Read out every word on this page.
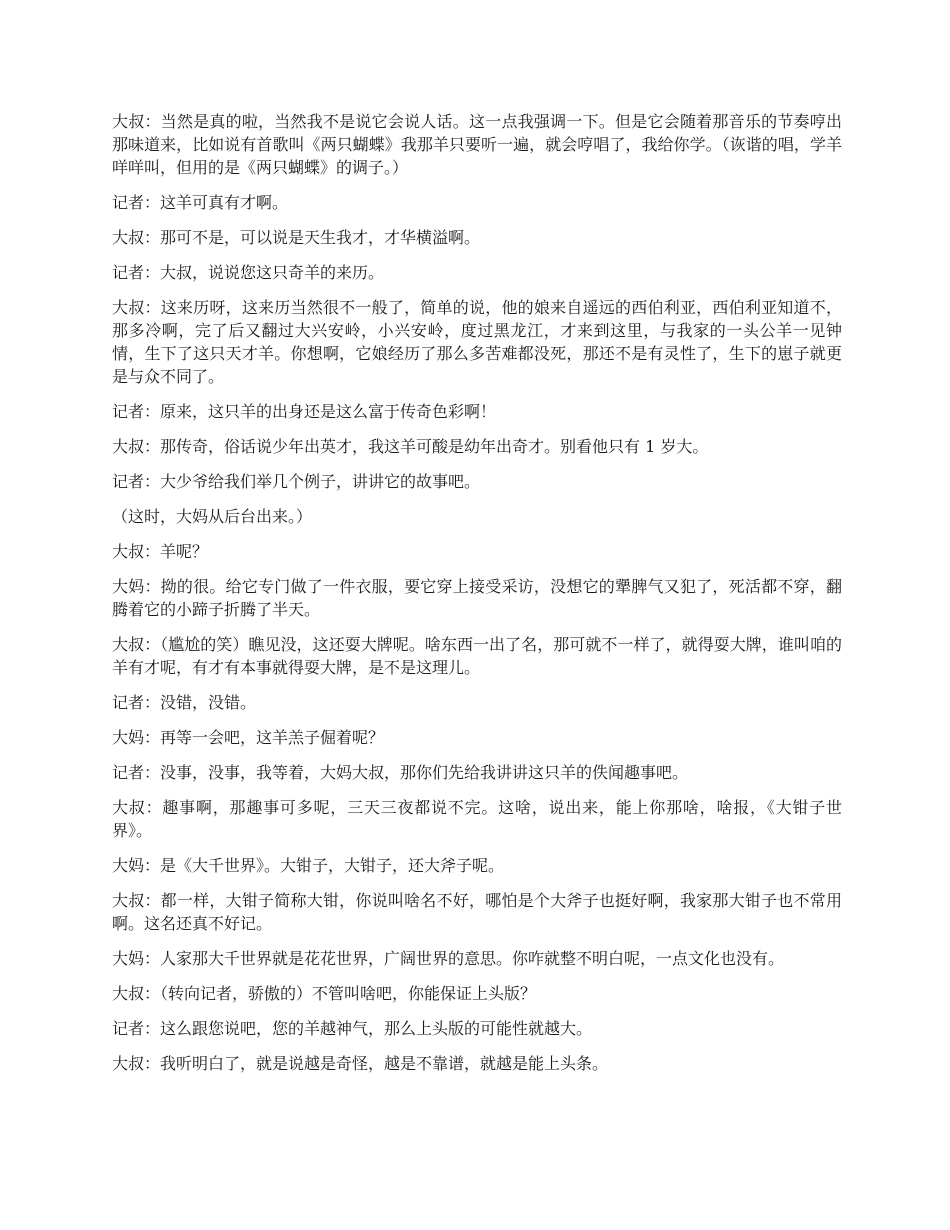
大叔：当然是真的啦，当然我不是说它会说人话。这一点我强调一下。但是它会随着那音乐的节奏哼出那味道来，比如说有首歌叫《两只蝴蝶》我那羊只要听一遍，就会哼唱了，我给你学。（诙谐的唱，学羊咩咩叫，但用的是《两只蝴蝶》的调子。）

记者：这羊可真有才啊。

大叔：那可不是，可以说是天生我才，才华横溢啊。

记者：大叔，说说您这只奇羊的来历。

大叔：这来历呀，这来历当然很不一般了，简单的说，他的娘来自遥远的西伯利亚，西伯利亚知道不，那多冷啊，完了后又翻过大兴安岭，小兴安岭，度过黑龙江，才来到这里，与我家的一头公羊一见钟情，生下了这只天才羊。你想啊，它娘经历了那么多苦难都没死，那还不是有灵性了，生下的崽子就更是与众不同了。

记者：原来，这只羊的出身还是这么富于传奇色彩啊！

大叔：那传奇，俗话说少年出英才，我这羊可酸是幼年出奇才。别看他只有 1 岁大。

记者：大少爷给我们举几个例子，讲讲它的故事吧。

（这时，大妈从后台出来。）

大叔：羊呢？

大妈：拗的很。给它专门做了一件衣服，要它穿上接受采访，没想它的犟脾气又犯了，死活都不穿，翻腾着它的小蹄子折腾了半天。

大叔：（尴尬的笑）瞧见没，这还耍大牌呢。啥东西一出了名，那可就不一样了，就得耍大牌，谁叫咱的羊有才呢，有才有本事就得耍大牌，是不是这理儿。

记者：没错，没错。

大妈：再等一会吧，这羊羔子倔着呢？

记者：没事，没事，我等着，大妈大叔，那你们先给我讲讲这只羊的佚闻趣事吧。

大叔：趣事啊，那趣事可多呢，三天三夜都说不完。这啥，说出来，能上你那啥，啥报，《大钳子世界》。

大妈：是《大千世界》。大钳子，大钳子，还大斧子呢。

大叔：都一样，大钳子简称大钳，你说叫啥名不好，哪怕是个大斧子也挺好啊，我家那大钳子也不常用啊。这名还真不好记。

大妈：人家那大千世界就是花花世界，广阔世界的意思。你咋就整不明白呢，一点文化也没有。

大叔：（转向记者，骄傲的）不管叫啥吧，你能保证上头版？

记者：这么跟您说吧，您的羊越神气，那么上头版的可能性就越大。

大叔：我听明白了，就是说越是奇怪，越是不靠谱，就越是能上头条。
